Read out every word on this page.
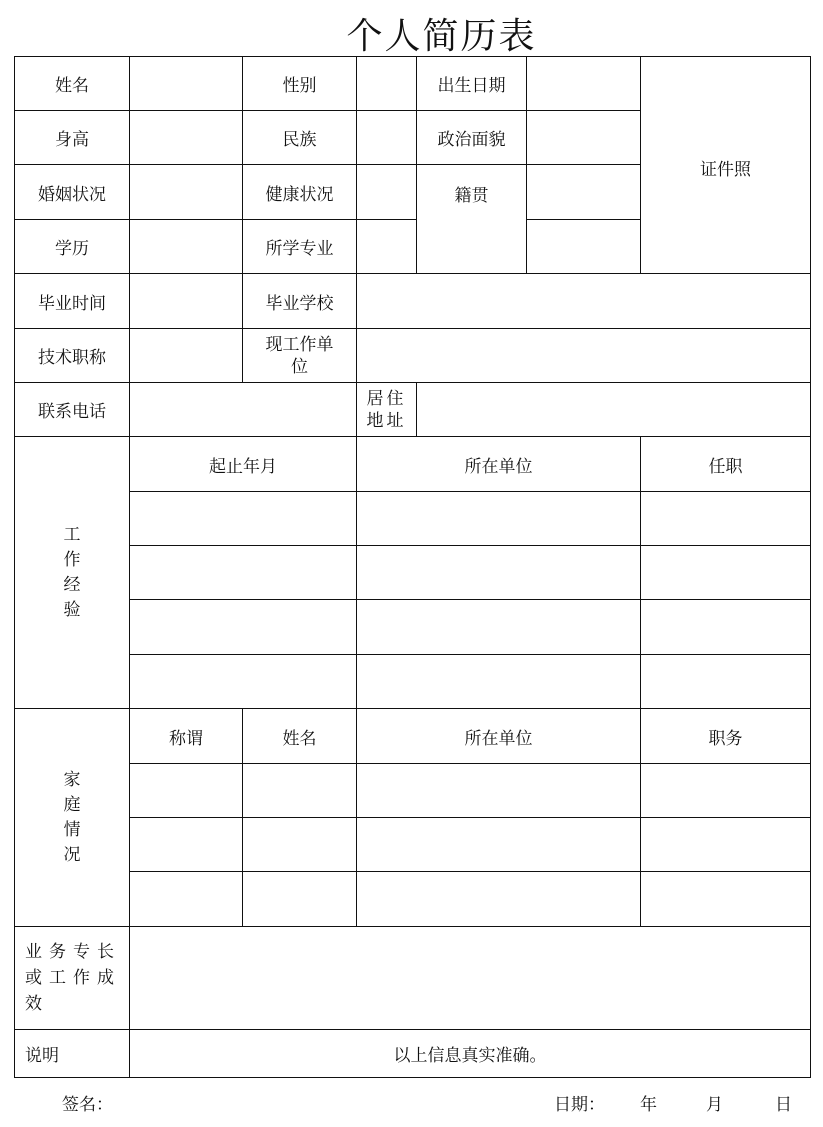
个人简历表
姓名		性别		出生日期		证件照
身高		民族		政治面貌		
婚姻状况		健康状况		籍贯		
学历		所学专业				
毕业时间		毕业学校				
技术职称		现工作单位				

联系电话			居住地址			

工作经验	起止年月		所在单位			任职

家庭情况	称谓	姓名	所在单位			职务

业务专长或工作成效						

说明	以上信息真实准确。					
签名：	日期： 年	月	日
